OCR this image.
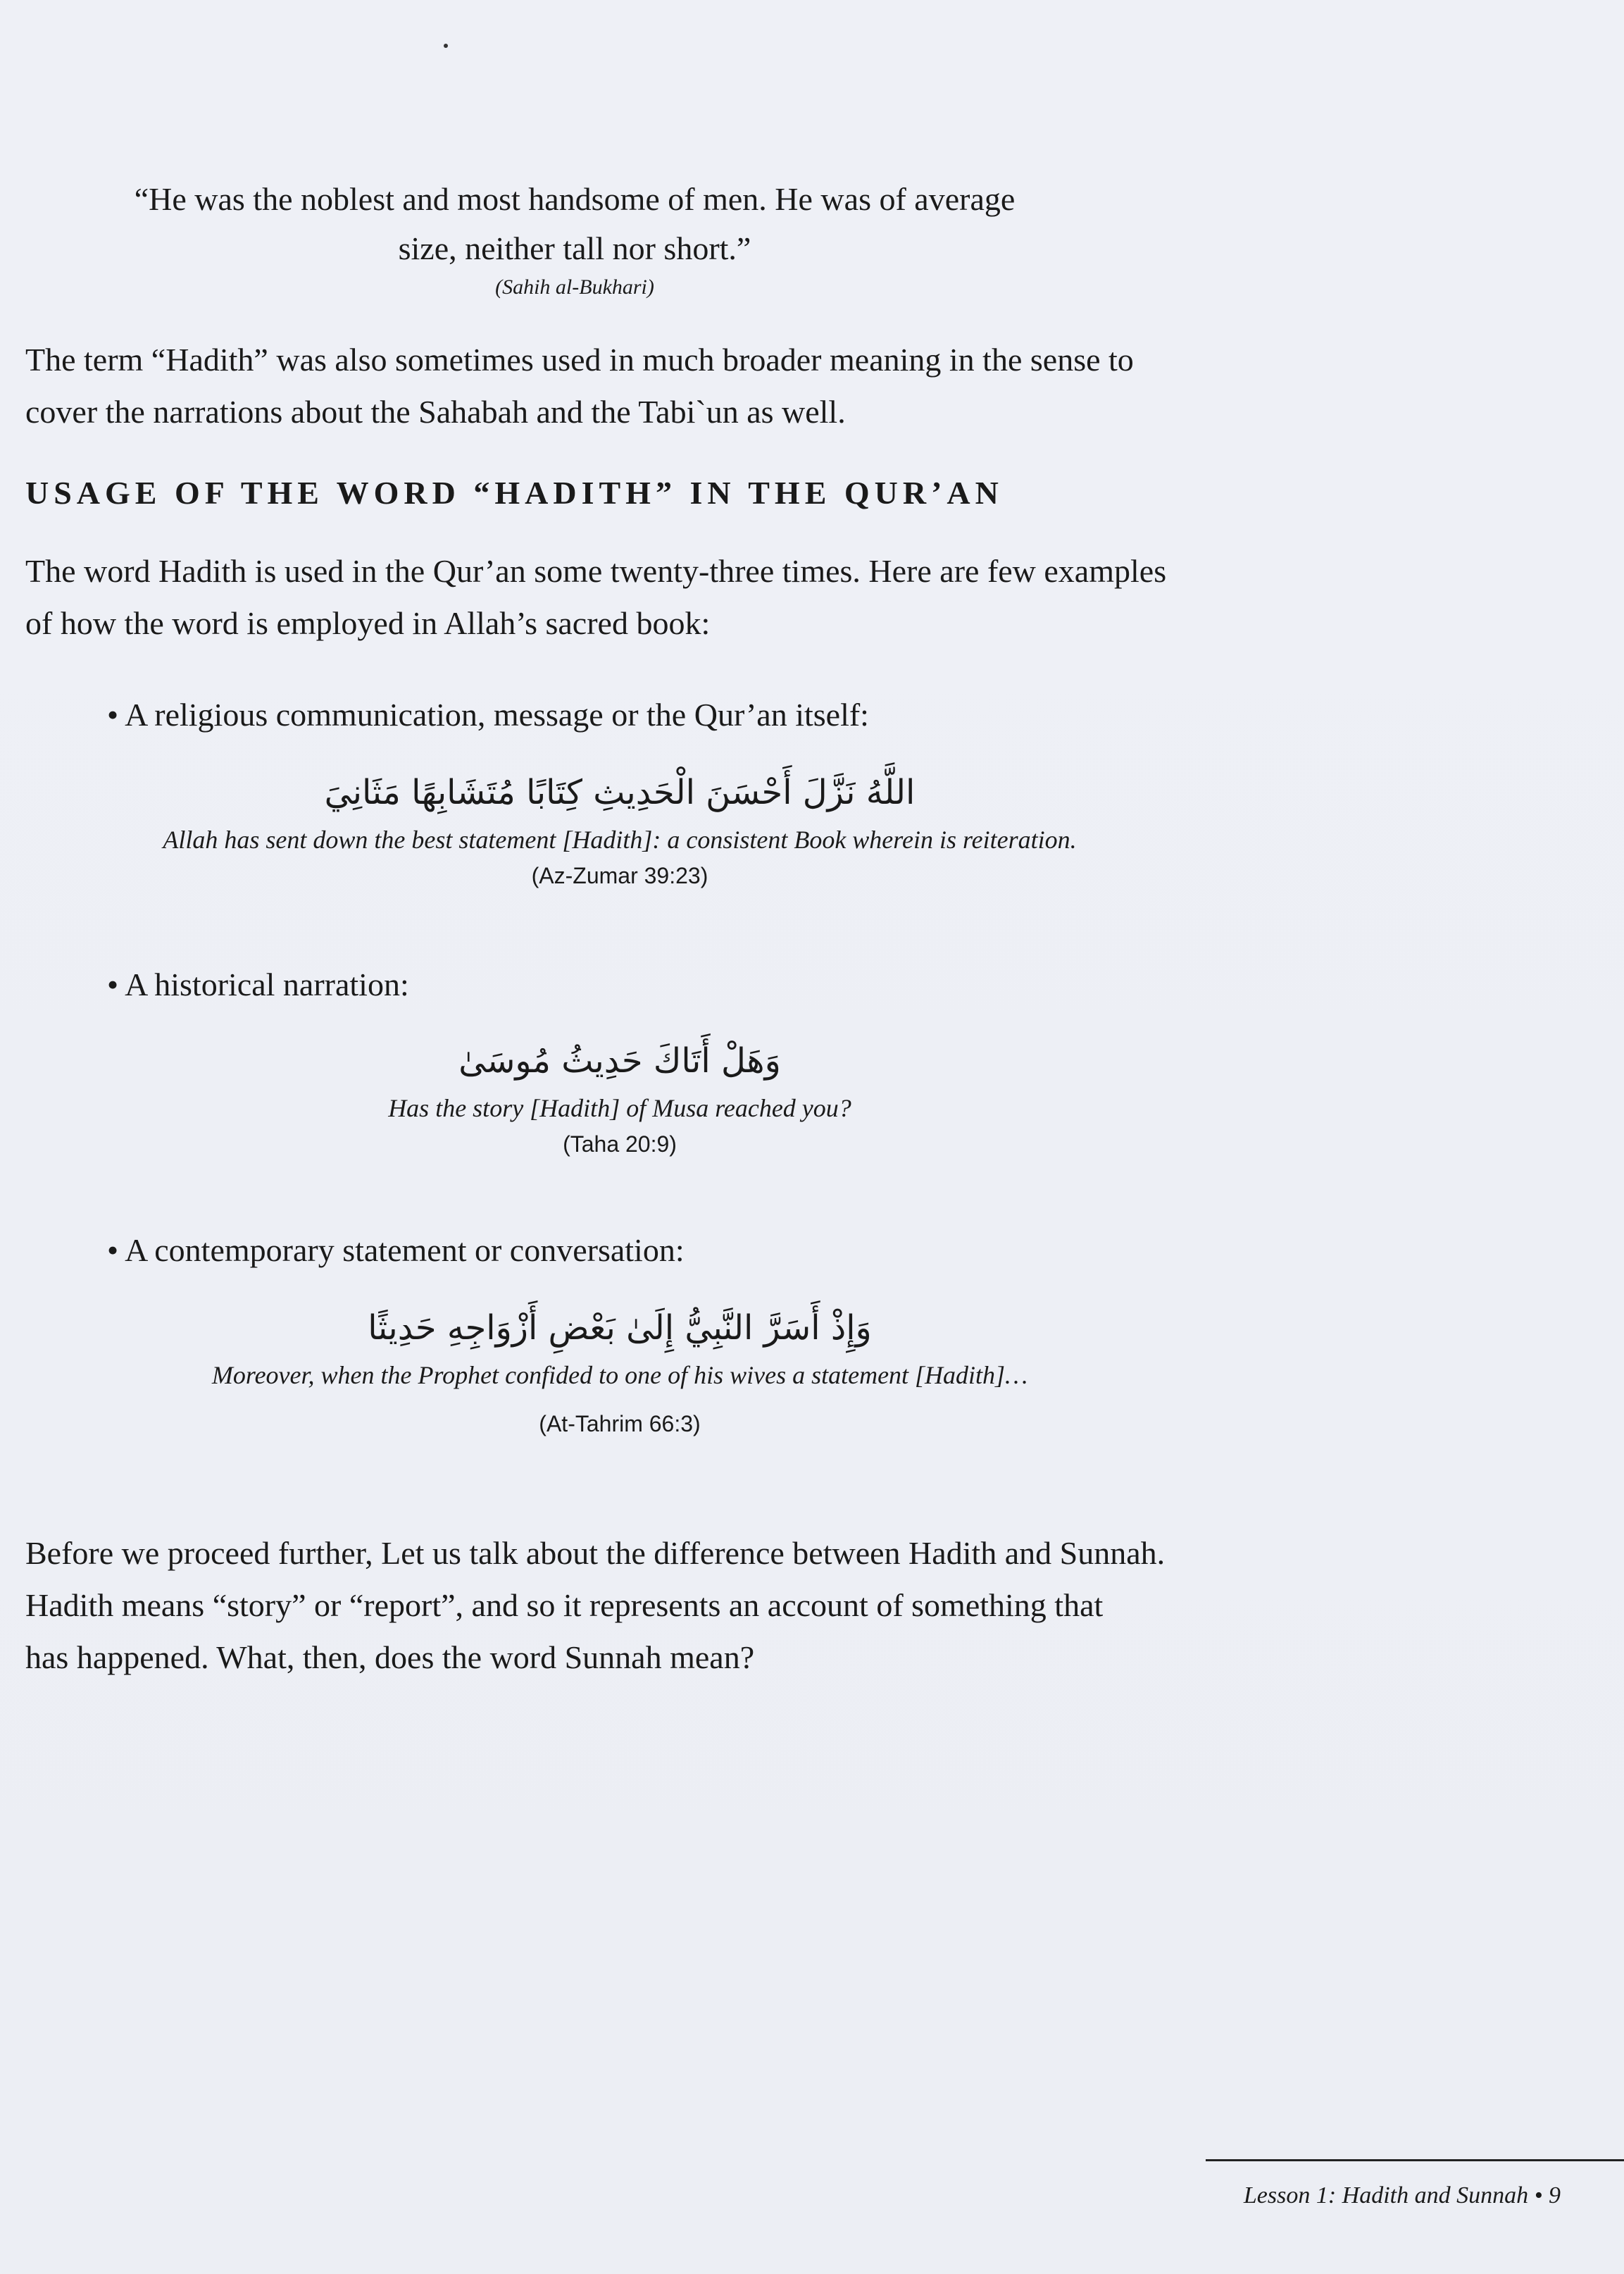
“He was the noblest and most handsome of men. He was of average
size, neither tall nor short.”
(Sahih al-Bukhari)

The term “Hadith” was also sometimes used in much broader meaning in the sense to

cover the narrations about the Sahabah and the Tabi`un as well.

USAGE OF THE WORD “HADITH” IN THE QUR’AN

The word Hadith is used in the Qur’an some twenty-three times. Here are few examples

of how the word is employed in Allah’s sacred book:

• A religious communication, message or the Qur’an itself:

اللَّهُ نَزَّلَ أَحْسَنَ الْحَدِيثِ كِتَابًا مُتَشَابِهًا مَثَانِيَ
Allah has sent down the best statement [Hadith]: a consistent Book wherein is reiteration.
(Az-Zumar 39:23)

• A historical narration:

وَهَلْ أَتَاكَ حَدِيثُ مُوسَىٰ
Has the story [Hadith] of Musa reached you?
(Taha 20:9)

• A contemporary statement or conversation:

وَإِذْ أَسَرَّ النَّبِيُّ إِلَىٰ بَعْضِ أَزْوَاجِهِ حَدِيثًا
Moreover, when the Prophet confided to one of his wives a statement [Hadith]…
(At-Tahrim 66:3)

Before we proceed further, Let us talk about the difference between Hadith and Sunnah.

Hadith means “story” or “report”, and so it represents an account of something that

has happened. What, then, does the word Sunnah mean?

Lesson 1: Hadith and Sunnah • 9
